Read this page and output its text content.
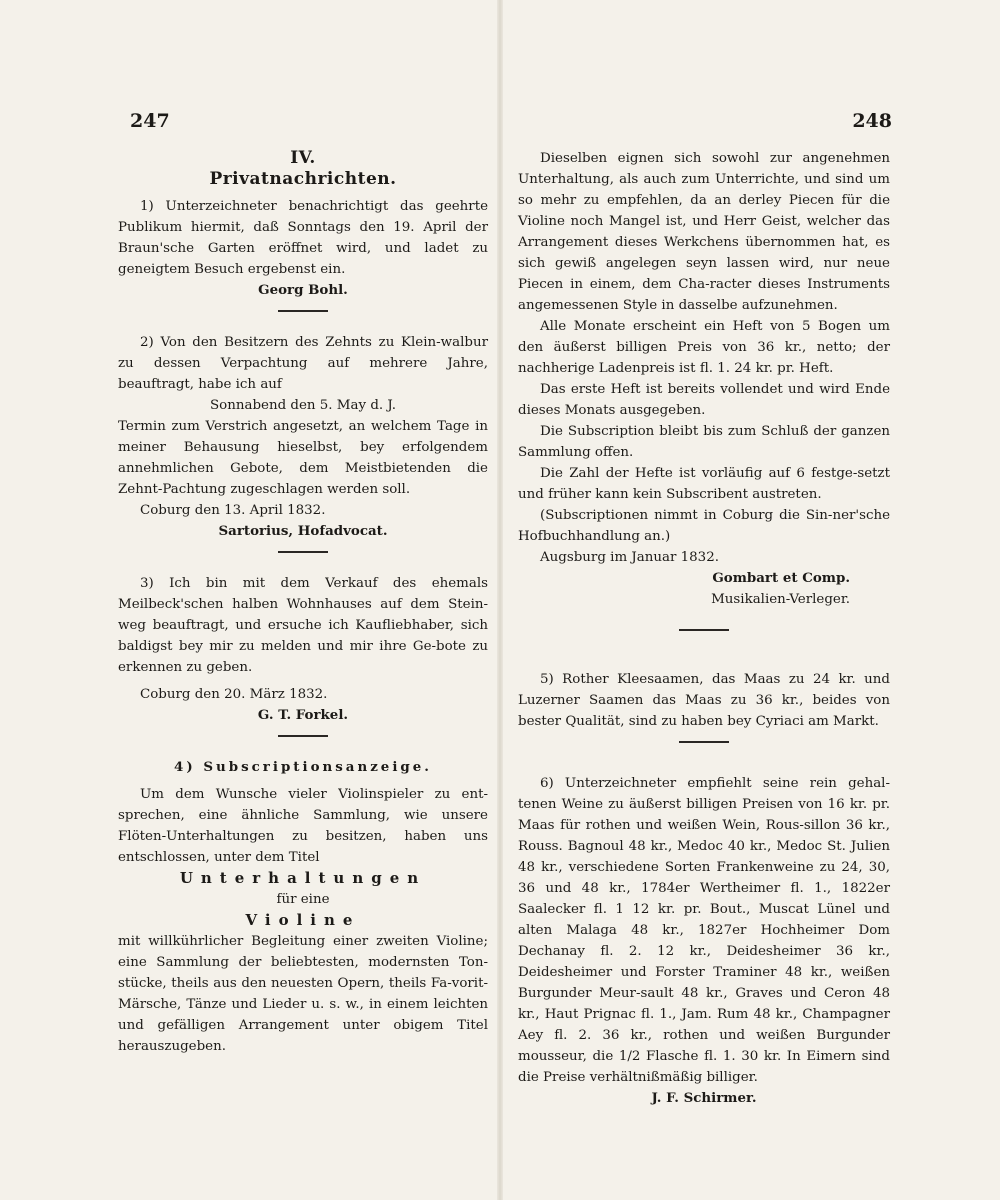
247

IV.

Privatnachrichten.

1) Unterzeichneter benachrichtigt das geehrte Publikum hiermit, daß Sonntags den 19. April der Braun'sche Garten eröffnet wird, und ladet zu geneigtem Besuch ergebenst ein.

Georg Bohl.

2) Von den Besitzern des Zehnts zu Klein-walbur zu dessen Verpachtung auf mehrere Jahre, beauftragt, habe ich auf

Sonnabend den 5. May d. J.

Termin zum Verstrich angesetzt, an welchem Tage in meiner Behausung hieselbst, bey erfolgendem annehmlichen Gebote, dem Meistbietenden die Zehnt-Pachtung zugeschlagen werden soll.

Coburg den 13. April 1832.

Sartorius, Hofadvocat.

3) Ich bin mit dem Verkauf des ehemals Meilbeck'schen halben Wohnhauses auf dem Stein-weg beauftragt, und ersuche ich Kaufliebhaber, sich baldigst bey mir zu melden und mir ihre Ge-bote zu erkennen zu geben.

Coburg den 20. März 1832.

G. T. Forkel.

4) Subscriptionsanzeige.

Um dem Wunsche vieler Violinspieler zu ent-sprechen, eine ähnliche Sammlung, wie unsere Flöten-Unterhaltungen zu besitzen, haben uns entschlossen, unter dem Titel

Unterhaltungen

für eine

Violine

mit willkührlicher Begleitung einer zweiten Violine; eine Sammlung der beliebtesten, modernsten Ton-stücke, theils aus den neuesten Opern, theils Fa-vorit-Märsche, Tänze und Lieder u. s. w., in einem leichten und gefälligen Arrangement unter obigem Titel herauszugeben.

248

Dieselben eignen sich sowohl zur angenehmen Unterhaltung, als auch zum Unterrichte, und sind um so mehr zu empfehlen, da an derley Piecen für die Violine noch Mangel ist, und Herr Geist, welcher das Arrangement dieses Werkchens übernommen hat, es sich gewiß angelegen seyn lassen wird, nur neue Piecen in einem, dem Cha-racter dieses Instruments angemessenen Style in dasselbe aufzunehmen.

Alle Monate erscheint ein Heft von 5 Bogen um den äußerst billigen Preis von 36 kr., netto; der nachherige Ladenpreis ist fl. 1. 24 kr. pr. Heft.

Das erste Heft ist bereits vollendet und wird Ende dieses Monats ausgegeben.

Die Subscription bleibt bis zum Schluß der ganzen Sammlung offen.

Die Zahl der Hefte ist vorläufig auf 6 festge-setzt und früher kann kein Subscribent austreten.

(Subscriptionen nimmt in Coburg die Sin-ner'sche Hofbuchhandlung an.)

Augsburg im Januar 1832.

Gombart et Comp.

Musikalien-Verleger.

5) Rother Kleesaamen, das Maas zu 24 kr. und Luzerner Saamen das Maas zu 36 kr., beides von bester Qualität, sind zu haben bey Cyriaci am Markt.

6) Unterzeichneter empfiehlt seine rein gehal-tenen Weine zu äußerst billigen Preisen von 16 kr. pr. Maas für rothen und weißen Wein, Rous-sillon 36 kr., Rouss. Bagnoul 48 kr., Medoc 40 kr., Medoc St. Julien 48 kr., verschiedene Sorten Frankenweine zu 24, 30, 36 und 48 kr., 1784er Wertheimer fl. 1., 1822er Saalecker fl. 1 12 kr. pr. Bout., Muscat Lünel und alten Malaga 48 kr., 1827er Hochheimer Dom Dechanay fl. 2. 12 kr., Deidesheimer 36 kr., Deidesheimer und Forster Traminer 48 kr., weißen Burgunder Meur-sault 48 kr., Graves und Ceron 48 kr., Haut Prignac fl. 1., Jam. Rum 48 kr., Champagner Aey fl. 2. 36 kr., rothen und weißen Burgunder mousseur, die 1/2 Flasche fl. 1. 30 kr. In Eimern sind die Preise verhältnißmäßig billiger.

J. F. Schirmer.
